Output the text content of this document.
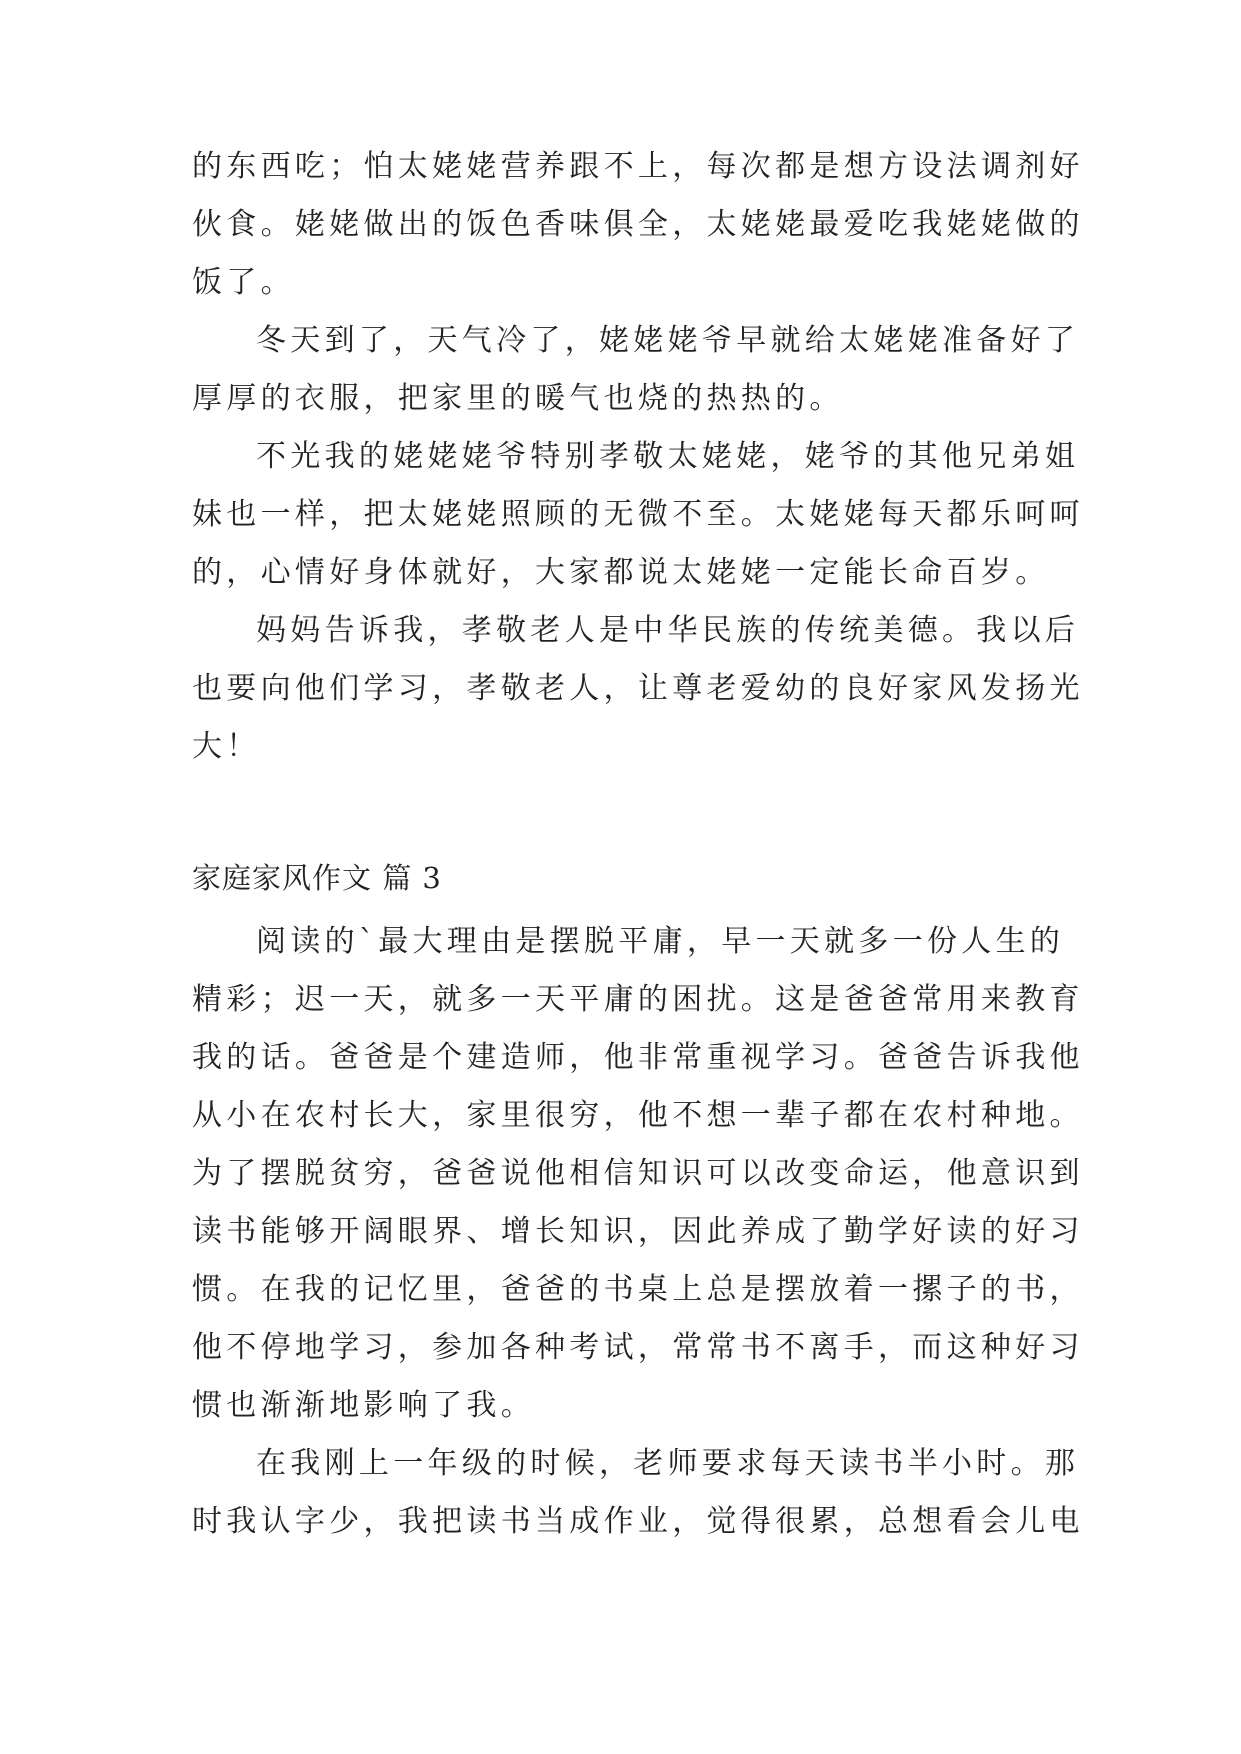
的东西吃；怕太姥姥营养跟不上，每次都是想方设法调剂好
伙食。姥姥做出的饭色香味俱全，太姥姥最爱吃我姥姥做的
饭了。
冬天到了，天气冷了，姥姥姥爷早就给太姥姥准备好了
厚厚的衣服，把家里的暖气也烧的热热的。
不光我的姥姥姥爷特别孝敬太姥姥，姥爷的其他兄弟姐
妹也一样，把太姥姥照顾的无微不至。太姥姥每天都乐呵呵
的，心情好身体就好，大家都说太姥姥一定能长命百岁。
妈妈告诉我，孝敬老人是中华民族的传统美德。我以后
也要向他们学习，孝敬老人，让尊老爱幼的良好家风发扬光
大！
家庭家风作文 篇 3
阅读的`最大理由是摆脱平庸，早一天就多一份人生的
精彩；迟一天，就多一天平庸的困扰。这是爸爸常用来教育
我的话。爸爸是个建造师，他非常重视学习。爸爸告诉我他
从小在农村长大，家里很穷，他不想一辈子都在农村种地。
为了摆脱贫穷，爸爸说他相信知识可以改变命运，他意识到
读书能够开阔眼界、增长知识，因此养成了勤学好读的好习
惯。在我的记忆里，爸爸的书桌上总是摆放着一摞子的书，
他不停地学习，参加各种考试，常常书不离手，而这种好习
惯也渐渐地影响了我。
在我刚上一年级的时候，老师要求每天读书半小时。那
时我认字少，我把读书当成作业，觉得很累，总想看会儿电
